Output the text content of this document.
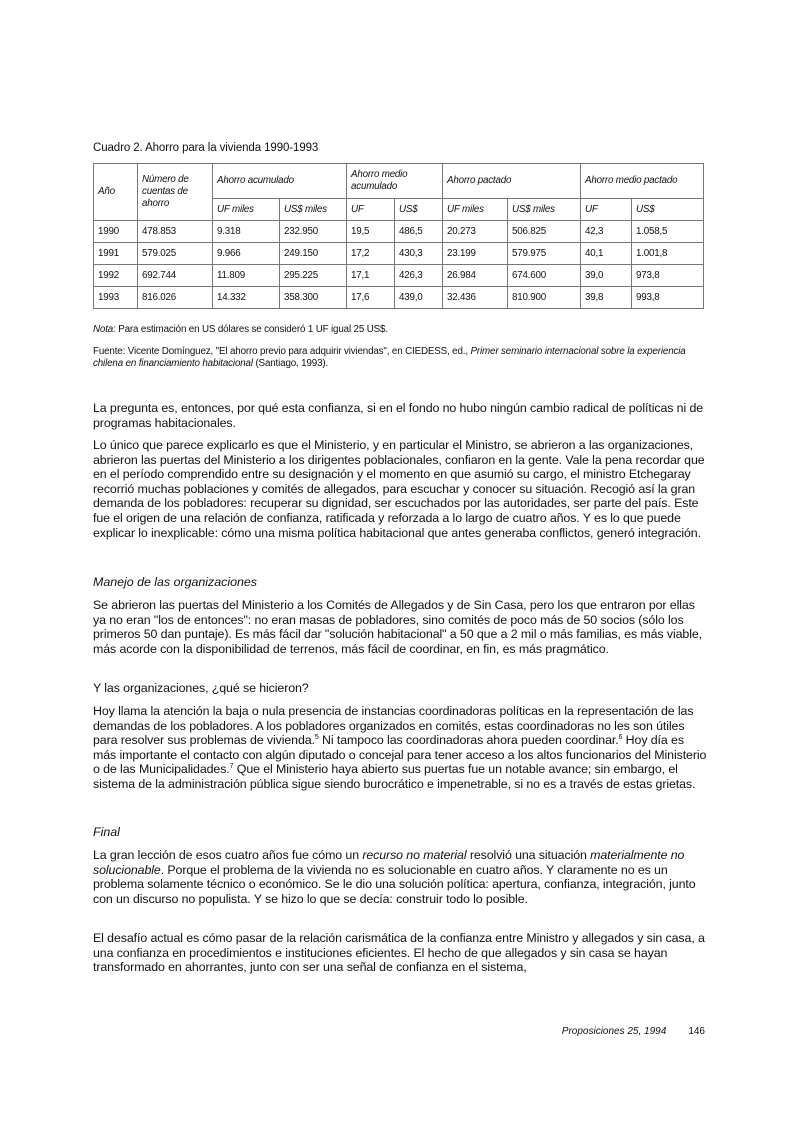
Cuadro 2. Ahorro para la vivienda 1990-1993
Año	Número de cuentas de ahorro	Ahorro acumulado		Ahorro medio acumulado		Ahorro pactado		Ahorro medio pactado	
		UF miles	US$ miles	UF	US$	UF miles	US$ miles	UF	US$
1990	478.853	9.318	232.950	19,5	486,5	20.273	506.825	42,3	1.058,5
1991	579.025	9.966	249.150	17,2	430,3	23.199	579.975	40,1	1.001,8
1992	692.744	11.809	295.225	17,1	426,3	26.984	674.600	39,0	973,8
1993	816.026	14.332	358.300	17,6	439,0	32.436	810.900	39,8	993,8
Nota: Para estimación en US dólares se consideró 1 UF igual 25 US$.
Fuente: Vicente Domínguez, "El ahorro previo para adquirir viviendas", en CIEDESS, ed., Primer seminario internacional sobre la experiencia chilena en financiamiento habitacional (Santiago, 1993).

La pregunta es, entonces, por qué esta confianza, si en el fondo no hubo ningún cambio radical de políticas ni de programas habitacionales.

Lo único que parece explicarlo es que el Ministerio, y en particular el Ministro, se abrieron a las organizaciones, abrieron las puertas del Ministerio a los dirigentes poblacionales, confiaron en la gente. Vale la pena recordar que en el período comprendido entre su designación y el momento en que asumió su cargo, el ministro Etchegaray recorrió muchas poblaciones y comités de allegados, para escuchar y conocer su situación. Recogió así la gran demanda de los pobladores: recuperar su dignidad, ser escuchados por las autoridades, ser parte del país. Este fue el origen de una relación de confianza, ratificada y reforzada a lo largo de cuatro años. Y es lo que puede explicar lo inexplicable: cómo una misma política habitacional que antes generaba conflictos, generó integración.

Manejo de las organizaciones

Se abrieron las puertas del Ministerio a los Comités de Allegados y de Sin Casa, pero los que entraron por ellas ya no eran "los de entonces": no eran masas de pobladores, sino comités de poco más de 50 socios (sólo los primeros 50 dan puntaje). Es más fácil dar "solución habitacional" a 50 que a 2 mil o más familias, es más viable, más acorde con la disponibilidad de terrenos, más fácil de coordinar, en fin, es más pragmático.

Y las organizaciones, ¿qué se hicieron?

Hoy llama la atención la baja o nula presencia de instancias coordinadoras políticas en la representación de las demandas de los pobladores. A los pobladores organizados en comités, estas coordinadoras no les son útiles para resolver sus problemas de vivienda.$^5$ Ni tampoco las coordinadoras ahora pueden coordinar.$^6$ Hoy día es más importante el contacto con algún diputado o concejal para tener acceso a los altos funcionarios del Ministerio o de las Municipalidades.$^7$ Que el Ministerio haya abierto sus puertas fue un notable avance; sin embargo, el sistema de la administración pública sigue siendo burocrático e impenetrable, si no es a través de estas grietas.

Final

La gran lección de esos cuatro años fue cómo un recurso no material resolvió una situación materialmente no solucionable. Porque el problema de la vivienda no es solucionable en cuatro años. Y claramente no es un problema solamente técnico o económico. Se le dio una solución política: apertura, confianza, integración, junto con un discurso no populista. Y se hizo lo que se decía: construir todo lo posible.

El desafío actual es cómo pasar de la relación carismática de la confianza entre Ministro y allegados y sin casa, a una confianza en procedimientos e instituciones eficientes. El hecho de que allegados y sin casa se hayan transformado en ahorrantes, junto con ser una señal de confianza en el sistema,

Proposiciones 25, 1994 146
